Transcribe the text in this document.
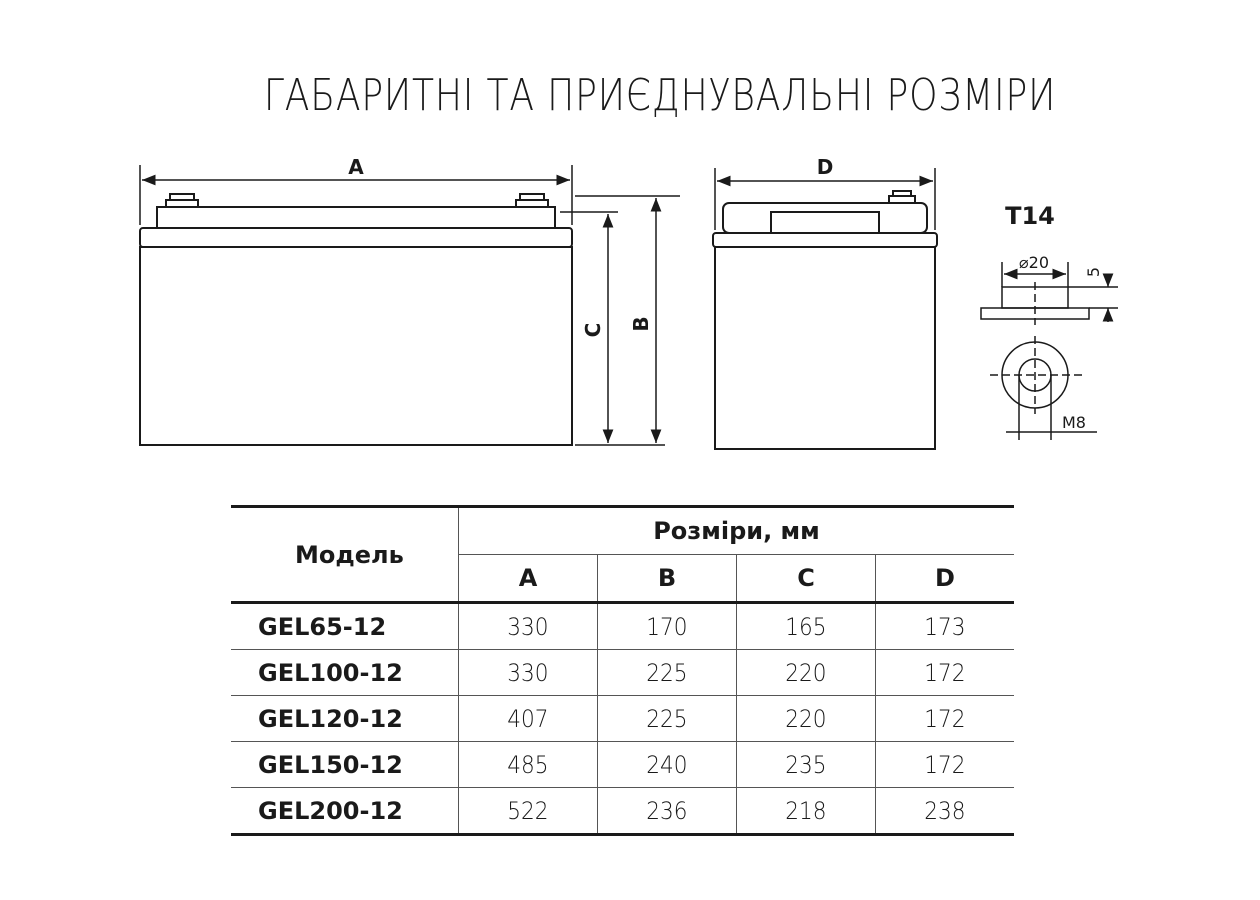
ГАБАРИТНІ ТА ПРИЄДНУВАЛЬНІ РОЗМІРИ
A
C B
D
T14
⌀20 5
M8
Модель	Розміри, мм			
	A	B	C	D
GEL65-12	330	170	165	173
GEL100-12	330	225	220	172
GEL120-12	407	225	220	172
GEL150-12	485	240	235	172
GEL200-12	522	236	218	238
